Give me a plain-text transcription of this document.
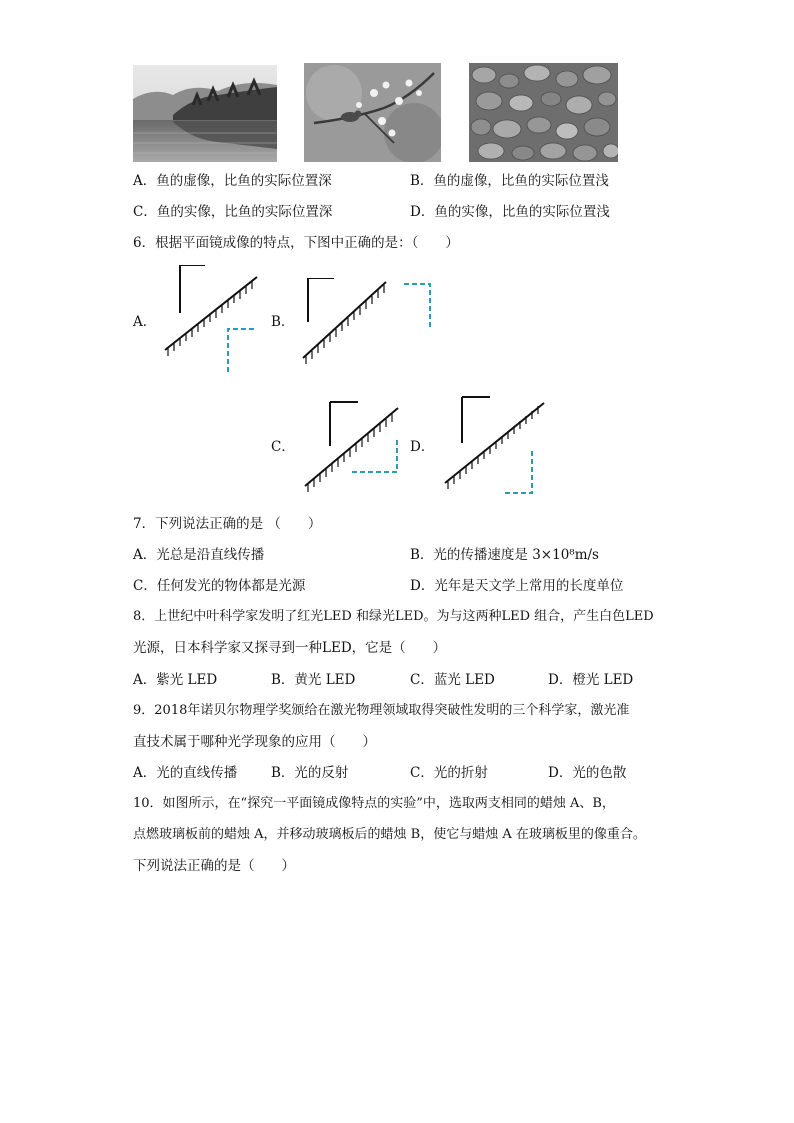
A．鱼的虚像，比鱼的实际位置深	B．鱼的虚像，比鱼的实际位置浅
C．鱼的实像，比鱼的实际位置深	D．鱼的实像，比鱼的实际位置浅
6．根据平面镜成像的特点，下图中正确的是：（　　）
A．	B．
C．	D．
7．下列说法正确的是 （　　）
A．光总是沿直线传播	B．光的传播速度是 3×10⁸m/s
C．任何发光的物体都是光源	D．光年是天文学上常用的长度单位
8．上世纪中叶科学家发明了红光LED 和绿光LED。为与这两种LED 组合，产生白色LED
光源，日本科学家又探寻到一种LED，它是（　　）
A．紫光 LED	B．黄光 LED	C．蓝光 LED	D．橙光 LED
9．2018年诺贝尔物理学奖颁给在激光物理领域取得突破性发明的三个科学家，激光准
直技术属于哪种光学现象的应用（　　）
A．光的直线传播	B．光的反射	C．光的折射	D．光的色散
10．如图所示，在“探究一平面镜成像特点的实验”中，选取两支相同的蜡烛 A、B，
点燃玻璃板前的蜡烛 A，并移动玻璃板后的蜡烛 B，使它与蜡烛 A 在玻璃板里的像重合。
下列说法正确的是（　　）
